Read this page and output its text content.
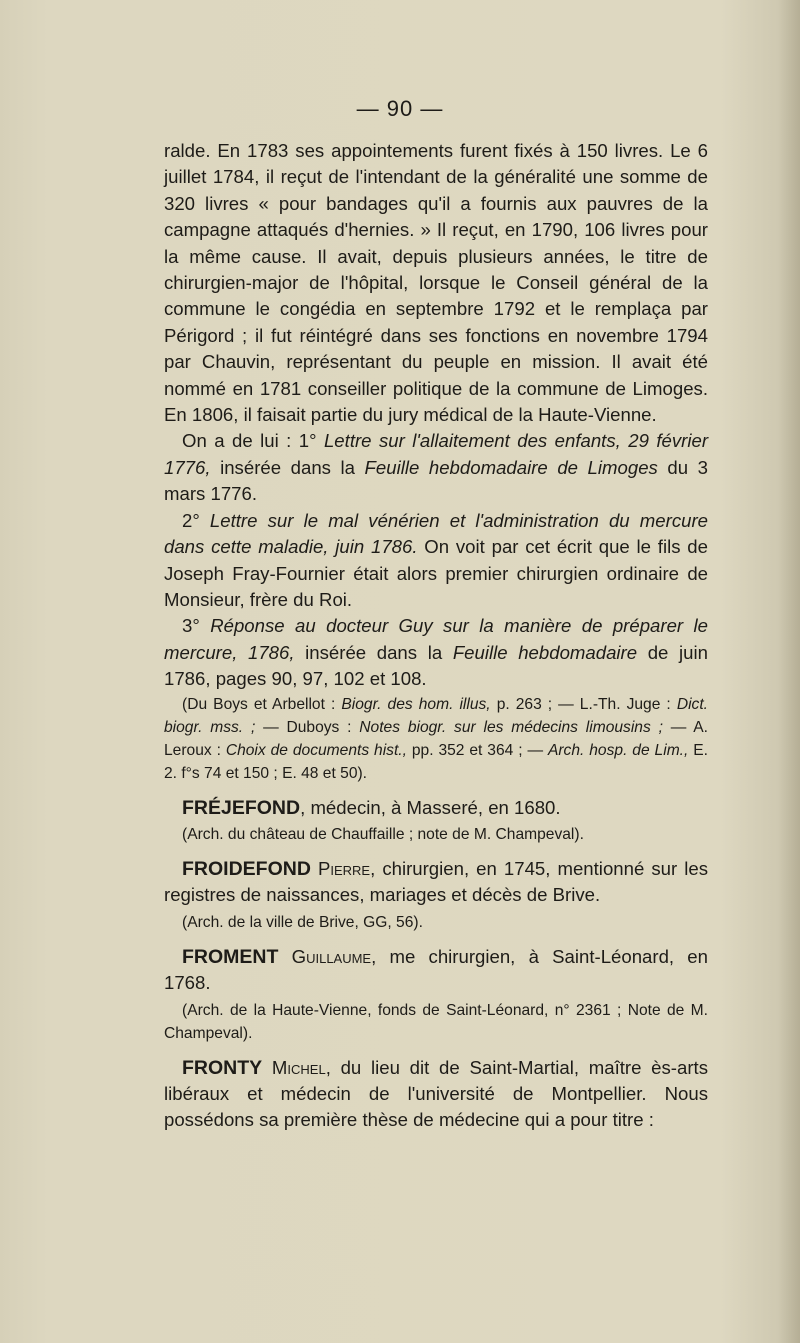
— 90 —

ralde. En 1783 ses appointements furent fixés à 150 livres. Le 6 juillet 1784, il reçut de l'intendant de la généralité une somme de 320 livres « pour bandages qu'il a fournis aux pauvres de la campagne attaqués d'hernies. » Il reçut, en 1790, 106 livres pour la même cause. Il avait, depuis plusieurs années, le titre de chirurgien-major de l'hôpital, lorsque le Conseil général de la commune le congédia en septembre 1792 et le remplaça par Périgord ; il fut réintégré dans ses fonctions en novembre 1794 par Chauvin, représentant du peuple en mission. Il avait été nommé en 1781 conseiller politique de la commune de Limoges. En 1806, il faisait partie du jury médical de la Haute-Vienne.

On a de lui : 1° Lettre sur l'allaitement des enfants, 29 février 1776, insérée dans la Feuille hebdomadaire de Limoges du 3 mars 1776.

2° Lettre sur le mal vénérien et l'administration du mercure dans cette maladie, juin 1786. On voit par cet écrit que le fils de Joseph Fray-Fournier était alors premier chirurgien ordinaire de Monsieur, frère du Roi.

3° Réponse au docteur Guy sur la manière de préparer le mercure, 1786, insérée dans la Feuille hebdomadaire de juin 1786, pages 90, 97, 102 et 108.

(Du Boys et Arbellot : Biogr. des hom. illus, p. 263 ; — L.-Th. Juge : Dict. biogr. mss. ; — Duboys : Notes biogr. sur les médecins limousins ; — A. Leroux : Choix de documents hist., pp. 352 et 364 ; — Arch. hosp. de Lim., E. 2. f°s 74 et 150 ; E. 48 et 50).

FRÉJEFOND, médecin, à Masseré, en 1680.

(Arch. du château de Chauffaille ; note de M. Champeval).

FROIDEFOND Pierre, chirurgien, en 1745, mentionné sur les registres de naissances, mariages et décès de Brive.

(Arch. de la ville de Brive, GG, 56).

FROMENT Guillaume, me chirurgien, à Saint-Léonard, en 1768.

(Arch. de la Haute-Vienne, fonds de Saint-Léonard, n° 2361 ; Note de M. Champeval).

FRONTY Michel, du lieu dit de Saint-Martial, maître ès-arts libéraux et médecin de l'université de Montpellier. Nous possédons sa première thèse de médecine qui a pour titre :
